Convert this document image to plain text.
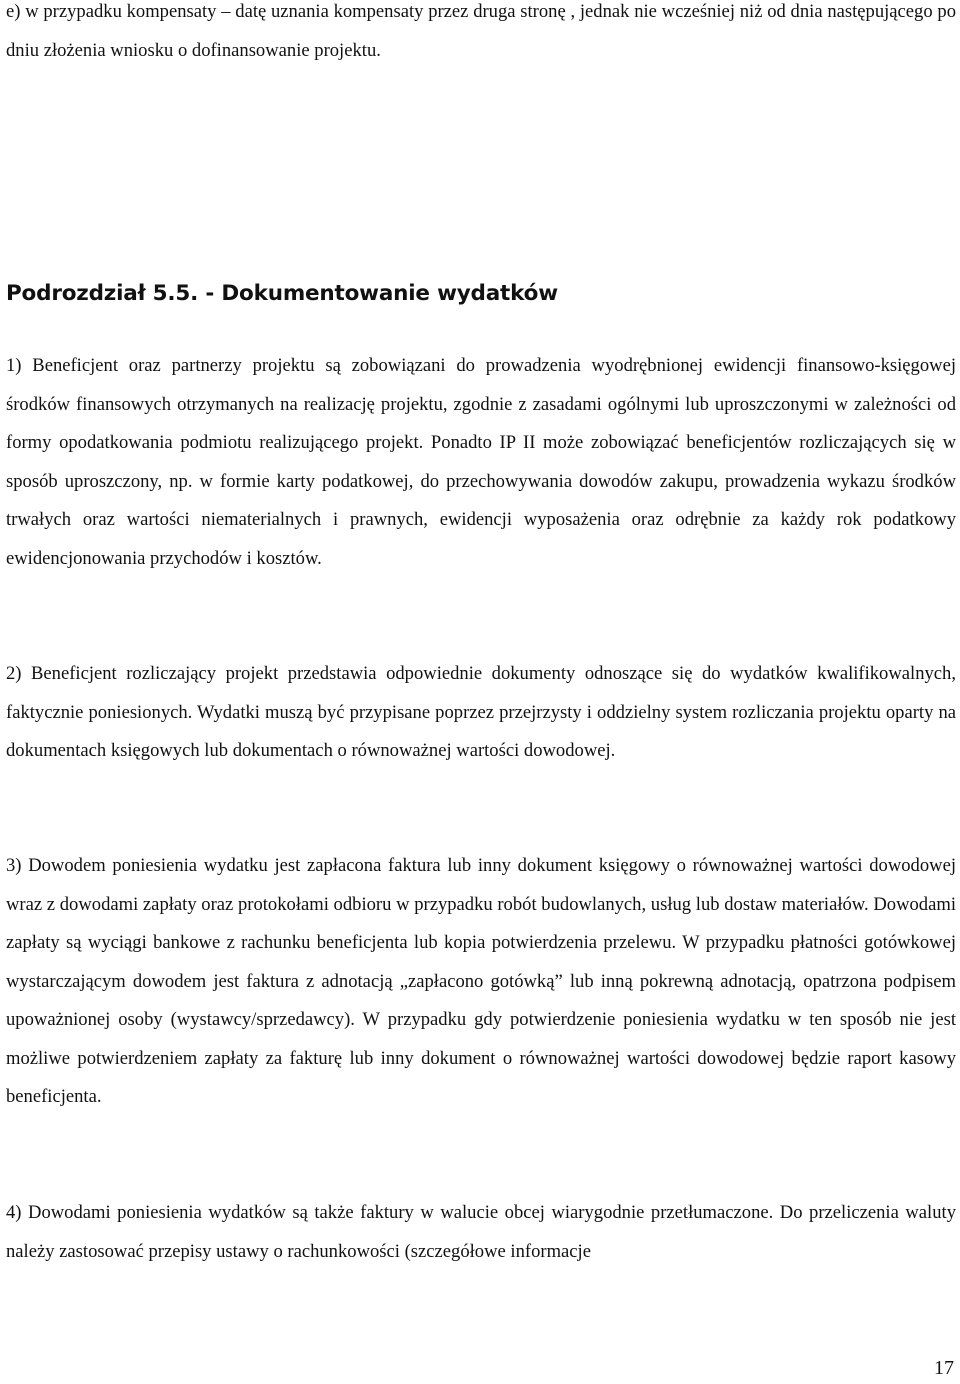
e) w przypadku kompensaty – datę uznania kompensaty przez druga stronę , jednak nie wcześniej niż od dnia następującego po dniu złożenia wniosku o dofinansowanie projektu.

Podrozdział 5.5. - Dokumentowanie wydatków

1) Beneficjent oraz partnerzy projektu są zobowiązani do prowadzenia wyodrębnionej ewidencji finansowo-księgowej środków finansowych otrzymanych na realizację projektu, zgodnie z zasadami ogólnymi lub uproszczonymi w zależności od formy opodatkowania podmiotu realizującego projekt. Ponadto IP II może zobowiązać beneficjentów rozliczających się w sposób uproszczony, np. w formie karty podatkowej, do przechowywania dowodów zakupu, prowadzenia wykazu środków trwałych oraz wartości niematerialnych i prawnych, ewidencji wyposażenia oraz odrębnie za każdy rok podatkowy ewidencjonowania przychodów i kosztów.

2) Beneficjent rozliczający projekt przedstawia odpowiednie dokumenty odnoszące się do wydatków kwalifikowalnych, faktycznie poniesionych. Wydatki muszą być przypisane poprzez przejrzysty i oddzielny system rozliczania projektu oparty na dokumentach księgowych lub dokumentach o równoważnej wartości dowodowej.

3) Dowodem poniesienia wydatku jest zapłacona faktura lub inny dokument księgowy o równoważnej wartości dowodowej wraz z dowodami zapłaty oraz protokołami odbioru w przypadku robót budowlanych, usług lub dostaw materiałów. Dowodami zapłaty są wyciągi bankowe z rachunku beneficjenta lub kopia potwierdzenia przelewu. W przypadku płatności gotówkowej wystarczającym dowodem jest faktura z adnotacją „zapłacono gotówką” lub inną pokrewną adnotacją, opatrzona podpisem upoważnionej osoby (wystawcy/sprzedawcy). W przypadku gdy potwierdzenie poniesienia wydatku w ten sposób nie jest możliwe potwierdzeniem zapłaty za fakturę lub inny dokument o równoważnej wartości dowodowej będzie raport kasowy beneficjenta.

4) Dowodami poniesienia wydatków są także faktury w walucie obcej wiarygodnie przetłumaczone. Do przeliczenia waluty należy zastosować przepisy ustawy o rachunkowości (szczegółowe informacje

17
